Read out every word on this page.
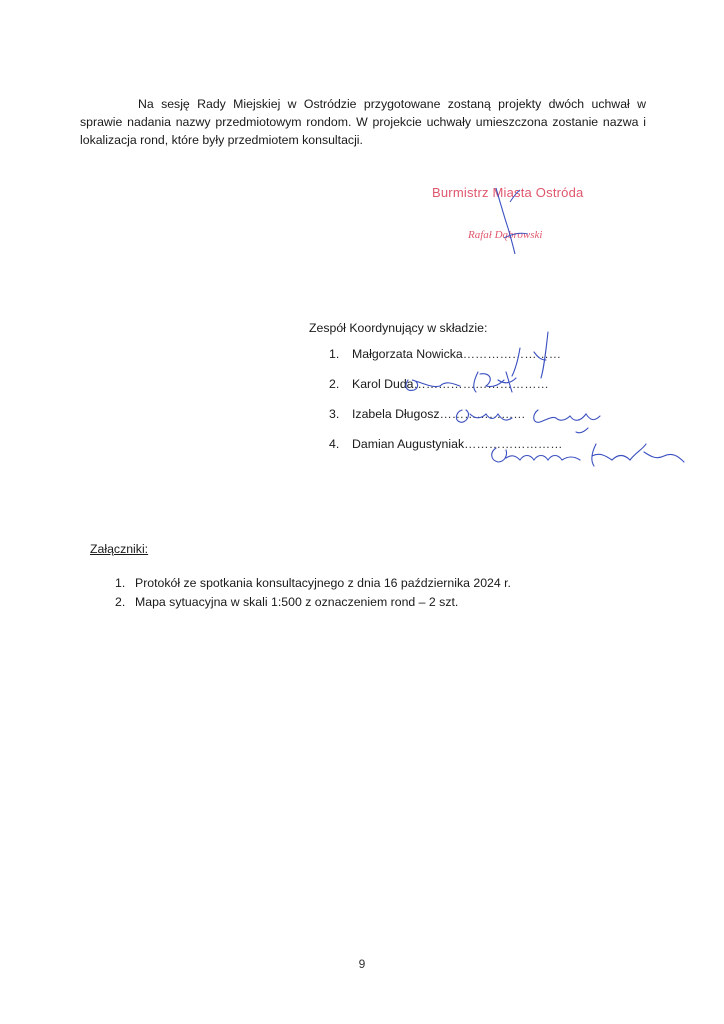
Na sesję Rady Miejskiej w Ostródzie przygotowane zostaną projekty dwóch uchwał w sprawie nadania nazwy przedmiotowym rondom. W projekcie uchwały umieszczona zostanie nazwa i lokalizacja rond, które były przedmiotem konsultacji.

Burmistrz Miasta Ostróda
Rafał Dąbrowski
Zespół Koordynujący w składzie:
1. Małgorzata Nowicka……………………
2. Karol Duda……………………………
3. Izabela Długosz…………………
4. Damian Augustyniak……………………
Załączniki:
1. Protokół ze spotkania konsultacyjnego z dnia 16 października 2024 r.
2. Mapa sytuacyjna w skali 1:500 z oznaczeniem rond – 2 szt.
9
